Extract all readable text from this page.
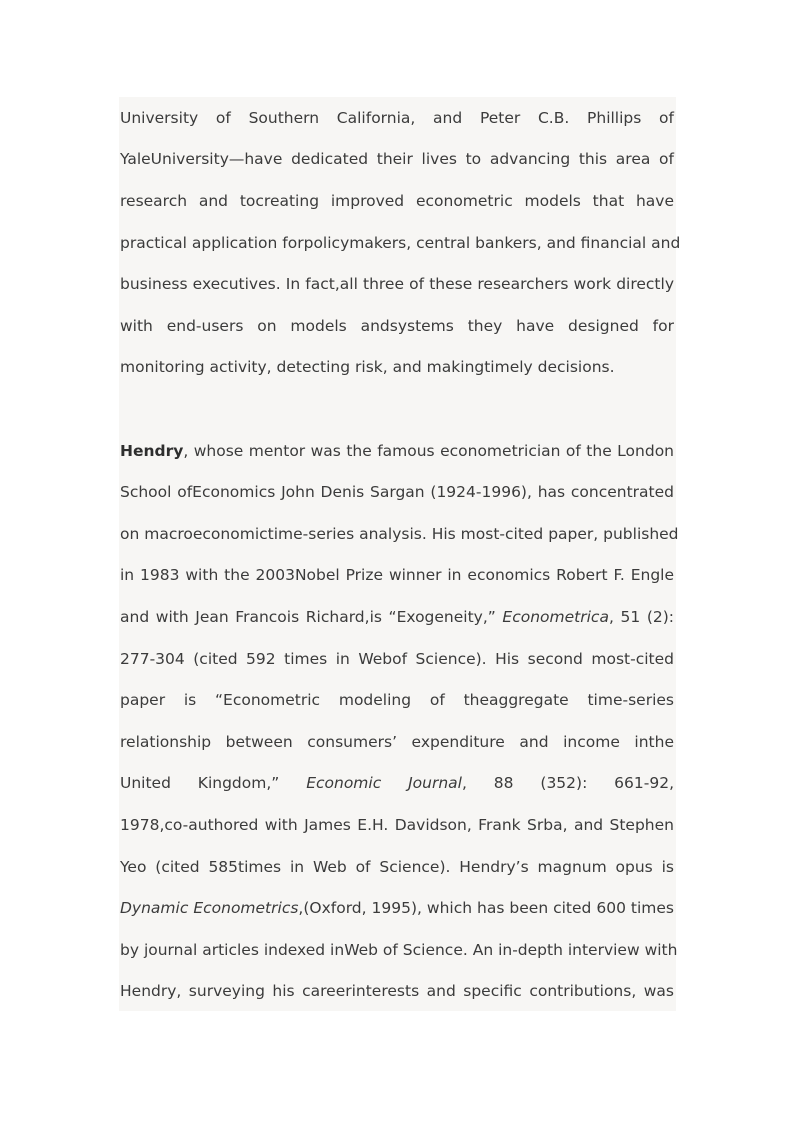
University of Southern California, and Peter C.B. Phillips of
YaleUniversity—have dedicated their lives to advancing this area of
research and tocreating improved econometric models that have
practical application forpolicymakers, central bankers, and financial and
business executives. In fact,all three of these researchers work directly
with end-users on models andsystems they have designed for
monitoring activity, detecting risk, and makingtimely decisions.
Hendry, whose mentor was the famous econometrician of the London
School ofEconomics John Denis Sargan (1924-1996), has concentrated
on macroeconomictime-series analysis. His most-cited paper, published
in 1983 with the 2003Nobel Prize winner in economics Robert F. Engle
and with Jean Francois Richard,is “Exogeneity,” Econometrica, 51 (2):
277-304 (cited 592 times in Webof Science). His second most-cited
paper is “Econometric modeling of theaggregate time-series
relationship between consumers’ expenditure and income inthe
United Kingdom,” Economic Journal, 88 (352): 661-92,
1978,co-authored with James E.H. Davidson, Frank Srba, and Stephen
Yeo (cited 585times in Web of Science). Hendry’s magnum opus is
Dynamic Econometrics,(Oxford, 1995), which has been cited 600 times
by journal articles indexed inWeb of Science. An in-depth interview with
Hendry, surveying his careerinterests and specific contributions, was
